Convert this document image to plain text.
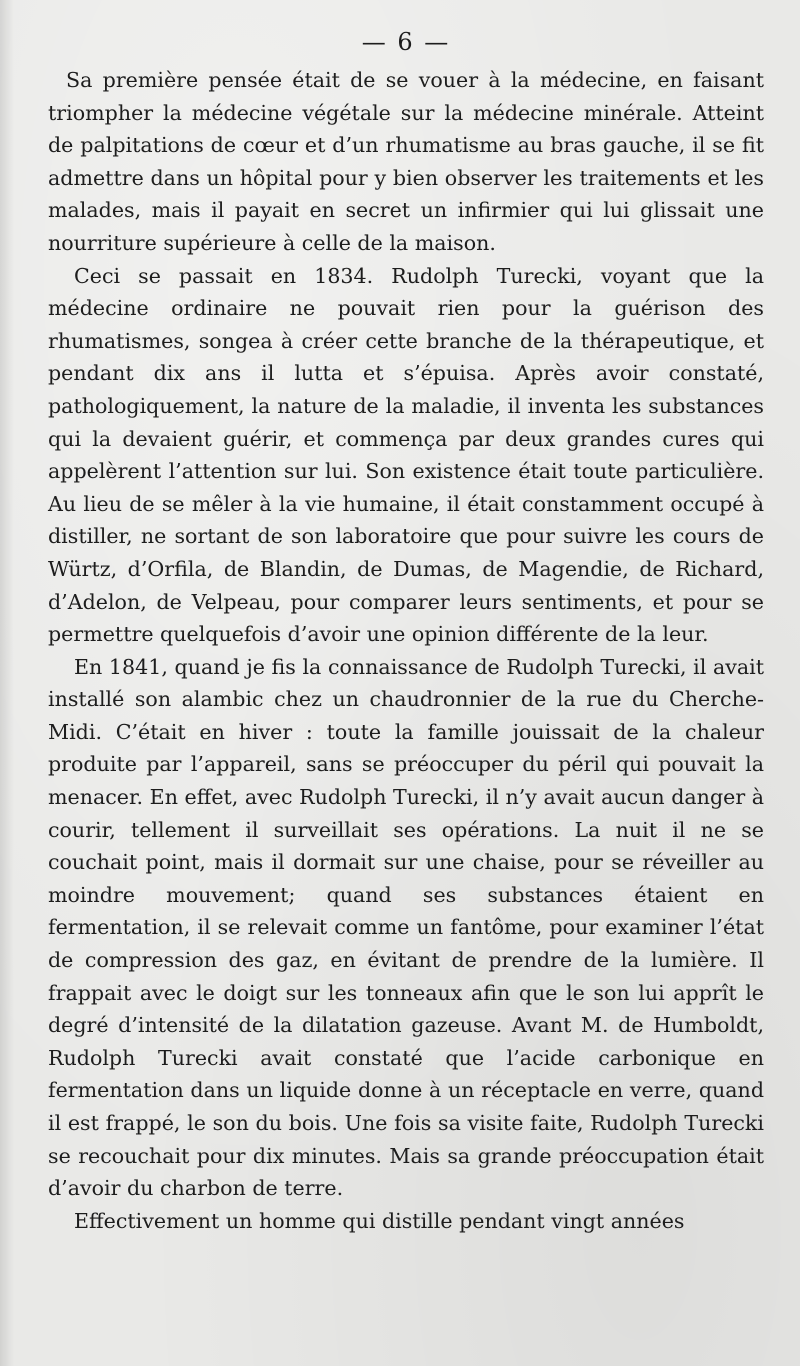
— 6 —

Sa première pensée était de se vouer à la médecine, en faisant triompher la médecine végétale sur la médecine minérale. Atteint de palpitations de cœur et d’un rhumatisme au bras gauche, il se fit admettre dans un hôpital pour y bien observer les traitements et les malades, mais il payait en secret un infirmier qui lui glissait une nourriture supérieure à celle de la maison.

Ceci se passait en 1834. Rudolph Turecki, voyant que la médecine ordinaire ne pouvait rien pour la guérison des rhumatismes, songea à créer cette branche de la thérapeutique, et pendant dix ans il lutta et s’épuisa. Après avoir constaté, pathologiquement, la nature de la maladie, il inventa les substances qui la devaient guérir, et commença par deux grandes cures qui appelèrent l’attention sur lui. Son existence était toute particulière. Au lieu de se mêler à la vie humaine, il était constamment occupé à distiller, ne sortant de son laboratoire que pour suivre les cours de Würtz, d’Orfila, de Blandin, de Dumas, de Magendie, de Richard, d’Adelon, de Velpeau, pour comparer leurs sentiments, et pour se permettre quelquefois d’avoir une opinion différente de la leur.

En 1841, quand je fis la connaissance de Rudolph Turecki, il avait installé son alambic chez un chaudronnier de la rue du Cherche-Midi. C’était en hiver : toute la famille jouissait de la chaleur produite par l’appareil, sans se préoccuper du péril qui pouvait la menacer. En effet, avec Rudolph Turecki, il n’y avait aucun danger à courir, tellement il surveillait ses opérations. La nuit il ne se couchait point, mais il dormait sur une chaise, pour se réveiller au moindre mouvement; quand ses substances étaient en fermentation, il se relevait comme un fantôme, pour examiner l’état de compression des gaz, en évitant de prendre de la lumière. Il frappait avec le doigt sur les tonneaux afin que le son lui apprît le degré d’intensité de la dilatation gazeuse. Avant M. de Humboldt, Rudolph Turecki avait constaté que l’acide carbonique en fermentation dans un liquide donne à un réceptacle en verre, quand il est frappé, le son du bois. Une fois sa visite faite, Rudolph Turecki se recouchait pour dix minutes. Mais sa grande préoccupation était d’avoir du charbon de terre.

Effectivement un homme qui distille pendant vingt années
